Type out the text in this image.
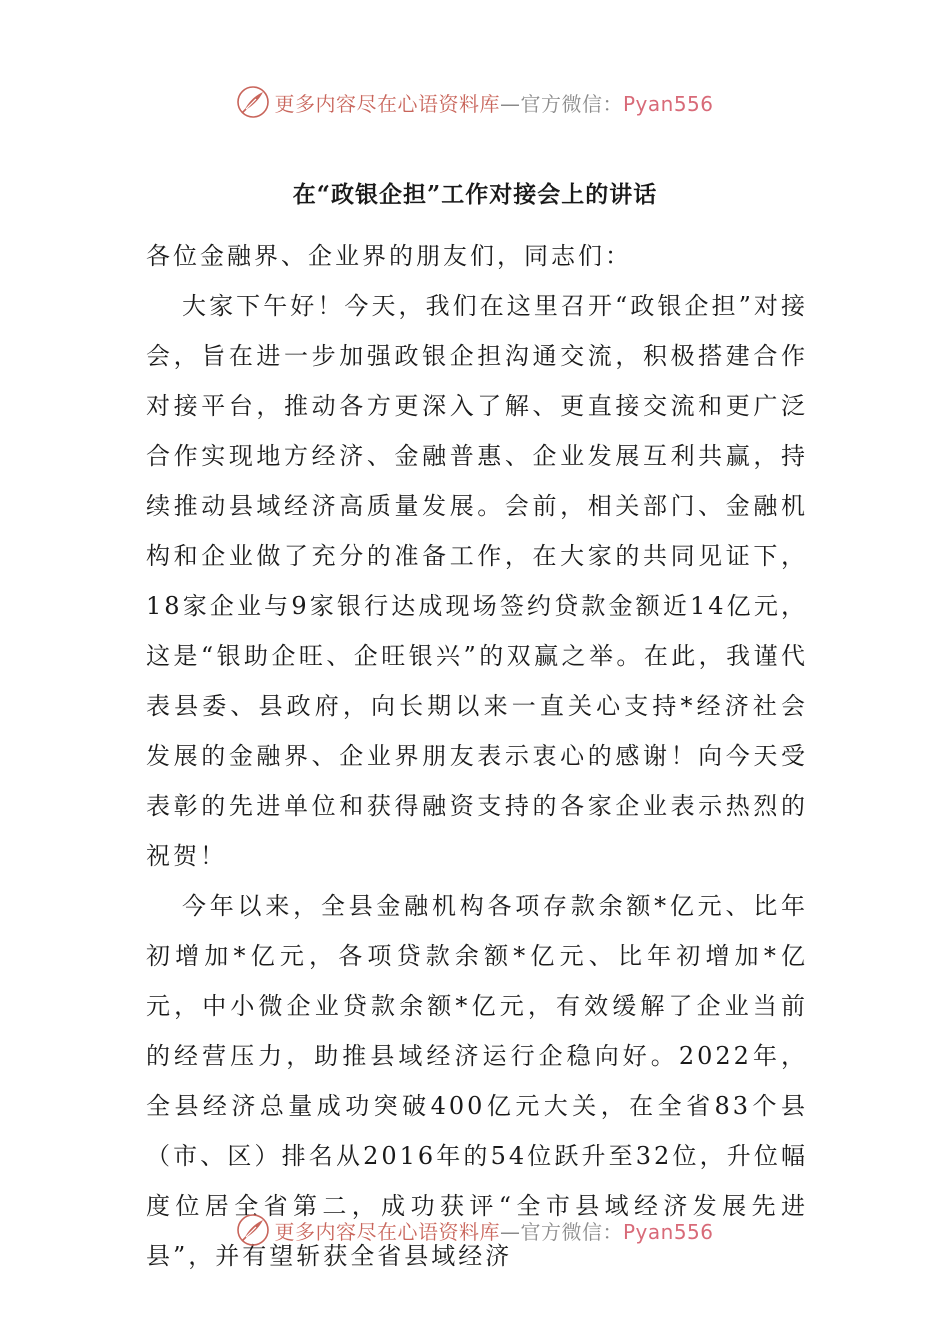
更多内容尽在心语资料库—官方微信：Pyan556
在“政银企担”工作对接会上的讲话

各位金融界、企业界的朋友们，同志们：

大家下午好！今天，我们在这里召开“政银企担”对接会，旨在进一步加强政银企担沟通交流，积极搭建合作对接平台，推动各方更深入了解、更直接交流和更广泛合作实现地方经济、金融普惠、企业发展互利共赢，持续推动县域经济高质量发展。会前，相关部门、金融机构和企业做了充分的准备工作，在大家的共同见证下，18家企业与9家银行达成现场签约贷款金额近14亿元，这是“银助企旺、企旺银兴”的双赢之举。在此，我谨代表县委、县政府，向长期以来一直关心支持*经济社会发展的金融界、企业界朋友表示衷心的感谢！向今天受表彰的先进单位和获得融资支持的各家企业表示热烈的祝贺！

今年以来，全县金融机构各项存款余额*亿元、比年初增加*亿元，各项贷款余额*亿元、比年初增加*亿元，中小微企业贷款余额*亿元，有效缓解了企业当前的经营压力，助推县域经济运行企稳向好。2022年，全县经济总量成功突破400亿元大关，在全省83个县（市、区）排名从2016年的54位跃升至32位，升位幅度位居全省第二，成功获评“全市县域经济发展先进县”，并有望斩获全省县域经济

更多内容尽在心语资料库—官方微信：Pyan556
